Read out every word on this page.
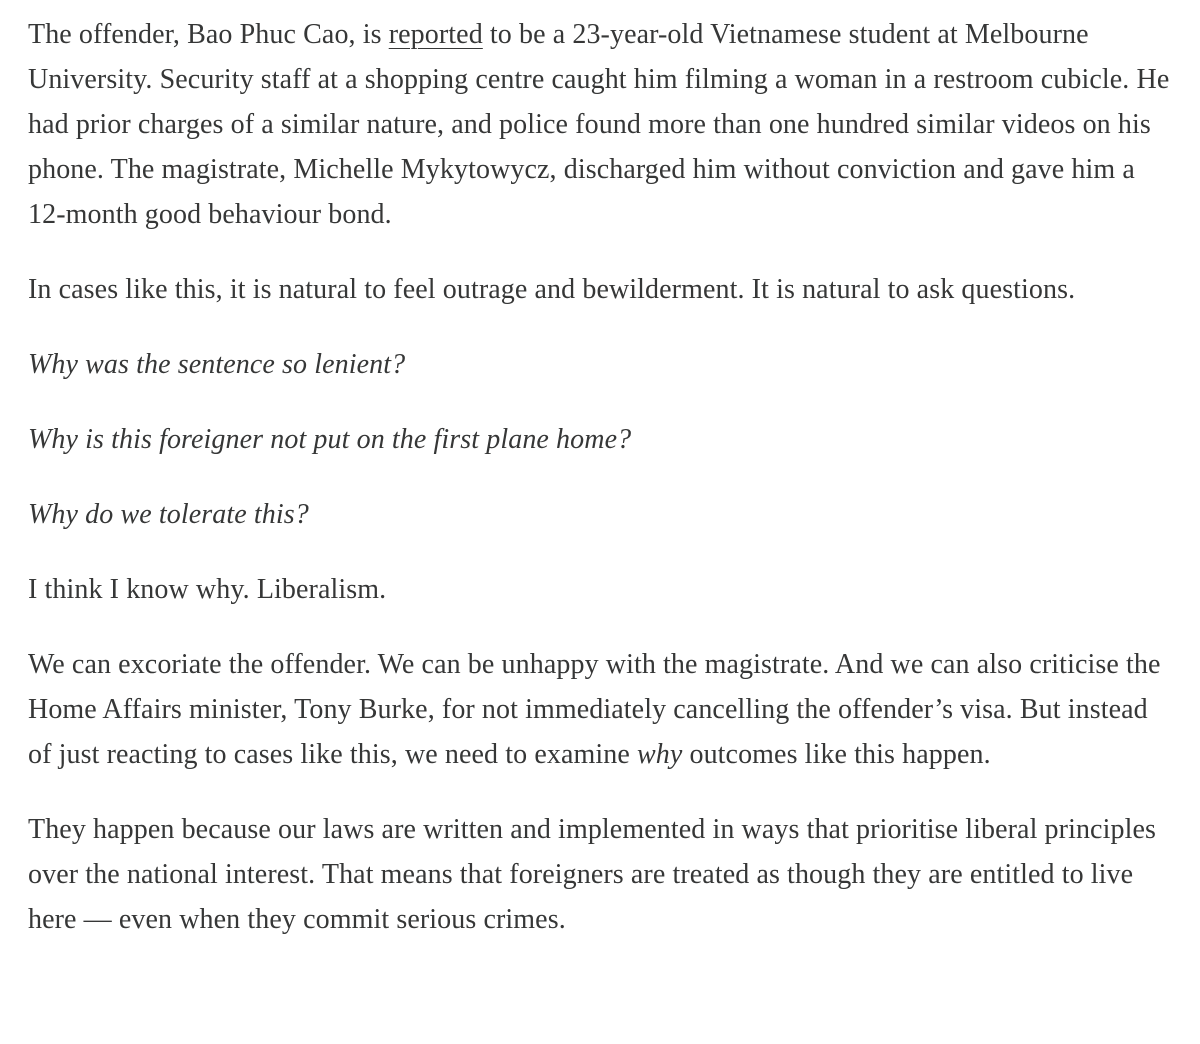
The offender, Bao Phuc Cao, is reported to be a 23-year-old Vietnamese student at Melbourne University. Security staff at a shopping centre caught him filming a woman in a restroom cubicle. He had prior charges of a similar nature, and police found more than one hundred similar videos on his phone. The magistrate, Michelle Mykytowycz, discharged him without conviction and gave him a 12-month good behaviour bond.

In cases like this, it is natural to feel outrage and bewilderment. It is natural to ask questions.

Why was the sentence so lenient?

Why is this foreigner not put on the first plane home?

Why do we tolerate this?

I think I know why. Liberalism.

We can excoriate the offender. We can be unhappy with the magistrate. And we can also criticise the Home Affairs minister, Tony Burke, for not immediately cancelling the offender’s visa. But instead of just reacting to cases like this, we need to examine why outcomes like this happen.

They happen because our laws are written and implemented in ways that prioritise liberal principles over the national interest. That means that foreigners are treated as though they are entitled to live here — even when they commit serious crimes.
